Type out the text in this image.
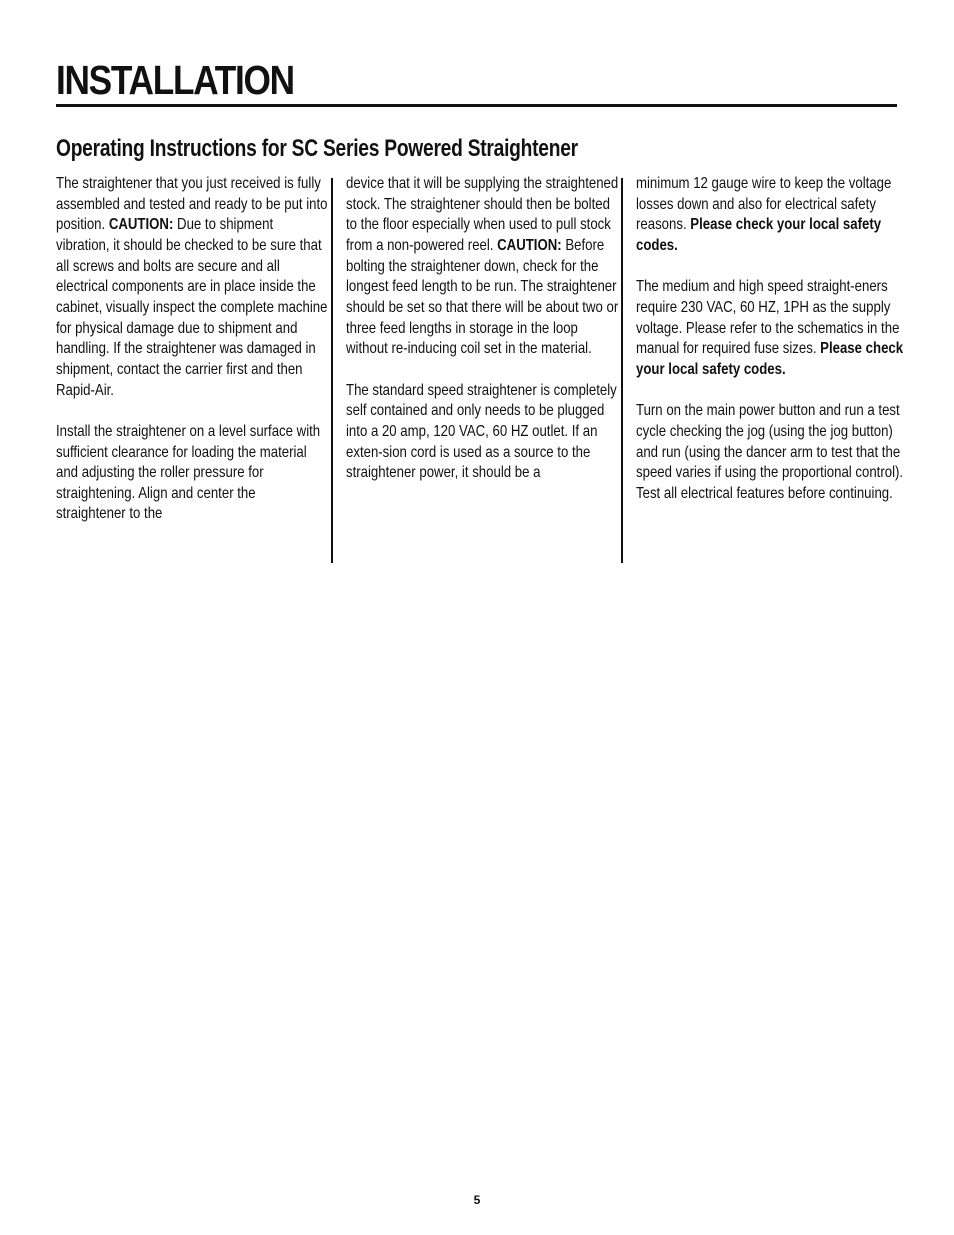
INSTALLATION
Operating Instructions for SC Series Powered Straightener

The straightener that you just received is fully assembled and tested and ready to be put into position. CAUTION: Due to shipment vibration, it should be checked to be sure that all screws and bolts are secure and all electrical components are in place inside the cabinet, visually inspect the complete machine for physical damage due to shipment and handling. If the straightener was damaged in shipment, contact the carrier first and then Rapid-Air.

Install the straightener on a level surface with sufficient clearance for loading the material and adjusting the roller pressure for straightening. Align and center the straightener to the

device that it will be supplying the straightened stock. The straightener should then be bolted to the floor especially when used to pull stock from a non-powered reel. CAUTION: Before bolting the straightener down, check for the longest feed length to be run. The straightener should be set so that there will be about two or three feed lengths in storage in the loop without re-inducing coil set in the material.

The standard speed straightener is completely self contained and only needs to be plugged into a 20 amp, 120 VAC, 60 HZ outlet. If an exten-sion cord is used as a source to the straightener power, it should be a

minimum 12 gauge wire to keep the voltage losses down and also for electrical safety reasons. Please check your local safety codes.

The medium and high speed straight-eners require 230 VAC, 60 HZ, 1PH as the supply voltage. Please refer to the schematics in the manual for required fuse sizes. Please check your local safety codes.

Turn on the main power button and run a test cycle checking the jog (using the jog button) and run (using the dancer arm to test that the speed varies if using the proportional control). Test all electrical features before continuing.

5
